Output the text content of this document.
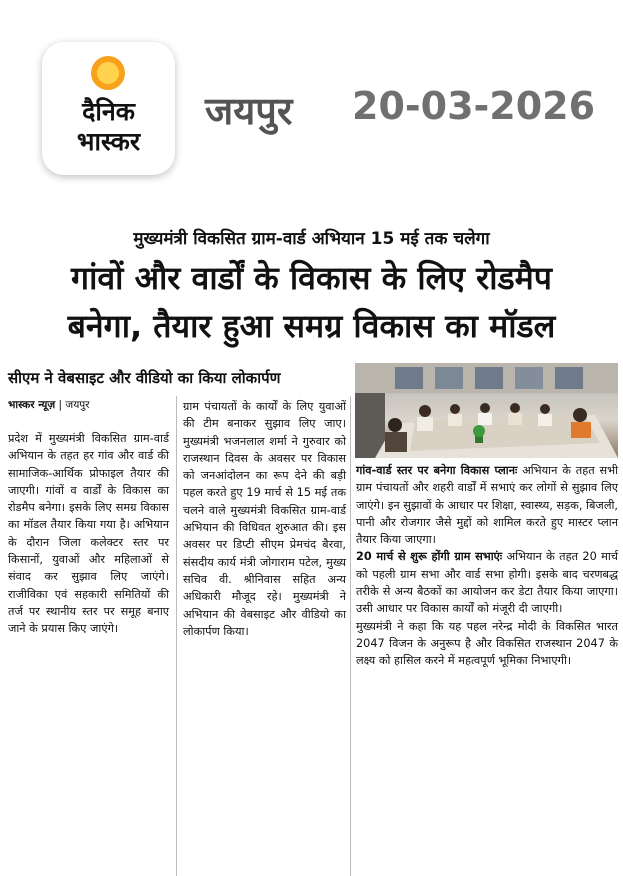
दैनिक
भास्कर
जयपुर 20-03-2026
मुख्यमंत्री विकसित ग्राम-वार्ड अभियान 15 मई तक चलेगा
गांवों और वार्डों के विकास के लिए रोडमैप
बनेगा, तैयार हुआ समग्र विकास का मॉडल
सीएम ने वेबसाइट और वीडियो का किया लोकार्पण
भास्कर न्यूज़ | जयपुर

प्रदेश में मुख्यमंत्री विकसित ग्राम-वार्ड अभियान के तहत हर गांव और वार्ड की सामाजिक-आर्थिक प्रोफाइल तैयार की जाएगी। गांवों व वार्डों के विकास का रोडमैप बनेगा। इसके लिए समग्र विकास का मॉडल तैयार किया गया है। अभियान के दौरान जिला कलेक्टर स्तर पर किसानों, युवाओं और महिलाओं से संवाद कर सुझाव लिए जाएंगे। राजीविका एवं सहकारी समितियों की तर्ज पर स्थानीय स्तर पर समूह बनाए जाने के प्रयास किए जाएंगे।

ग्राम पंचायतों के कार्यों के लिए युवाओं की टीम बनाकर सुझाव लिए जाए। मुख्यमंत्री भजनलाल शर्मा ने गुरुवार को राजस्थान दिवस के अवसर पर विकास को जनआंदोलन का रूप देने की बड़ी पहल करते हुए 19 मार्च से 15 मई तक चलने वाले मुख्यमंत्री विकसित ग्राम-वार्ड अभियान की विधिवत शुरुआत की। इस अवसर पर डिप्टी सीएम प्रेमचंद बैरवा, संसदीय कार्य मंत्री जोगाराम पटेल, मुख्य सचिव वी. श्रीनिवास सहित अन्य अधिकारी मौजूद रहे। मुख्यमंत्री ने अभियान की वेबसाइट और वीडियो का लोकार्पण किया।

गांव-वार्ड स्तर पर बनेगा विकास प्लानः अभियान के तहत सभी ग्राम पंचायतों और शहरी वार्डों में सभाएं कर लोगों से सुझाव लिए जाएंगे। इन सुझावों के आधार पर शिक्षा, स्वास्थ्य, सड़क, बिजली, पानी और रोजगार जैसे मुद्दों को शामिल करते हुए मास्टर प्लान तैयार किया जाएगा।
20 मार्च से शुरू होंगी ग्राम सभाएंः अभियान के तहत 20 मार्च को पहली ग्राम सभा और वार्ड सभा होगी। इसके बाद चरणबद्ध तरीके से अन्य बैठकों का आयोजन कर डेटा तैयार किया जाएगा। उसी आधार पर विकास कार्यों को मंजूरी दी जाएगी।
मुख्यमंत्री ने कहा कि यह पहल नरेन्द्र मोदी के विकसित भारत 2047 विजन के अनुरूप है और विकसित राजस्थान 2047 के लक्ष्य को हासिल करने में महत्वपूर्ण भूमिका निभाएगी।
